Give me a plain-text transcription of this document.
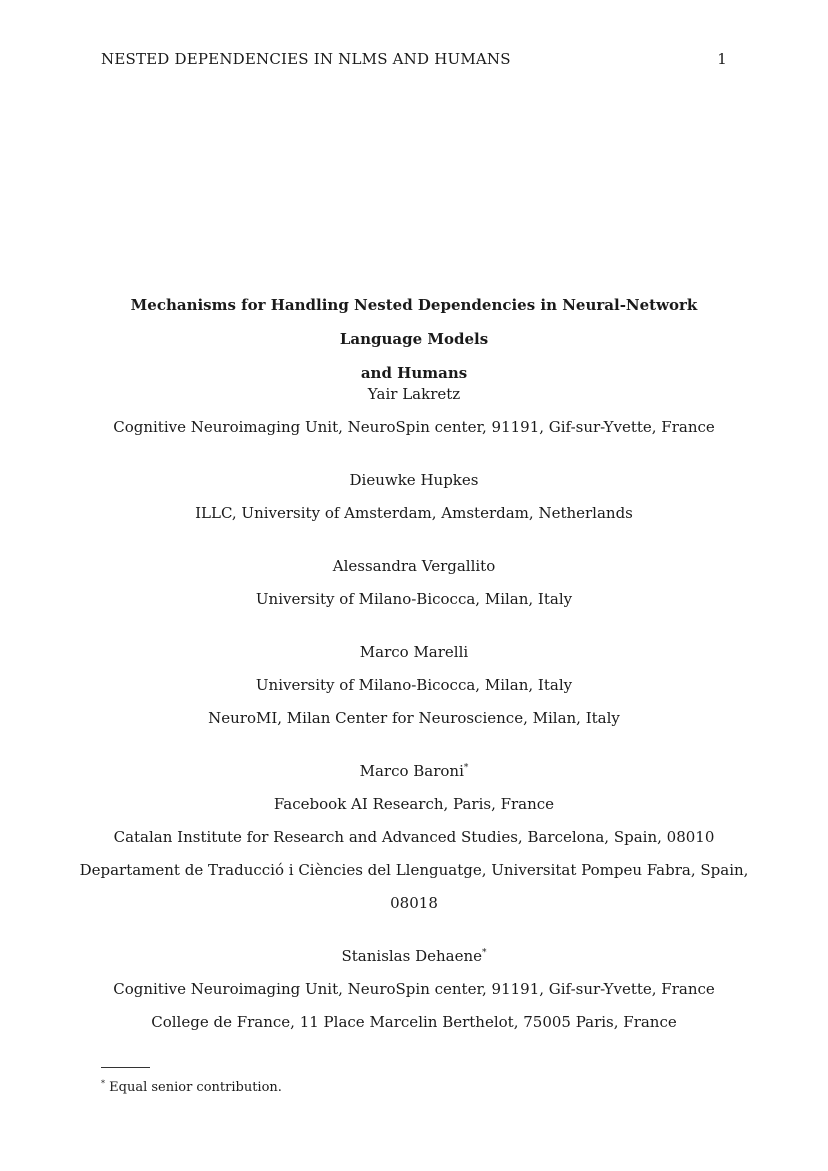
NESTED DEPENDENCIES IN NLMS AND HUMANS	1
Mechanisms for Handling Nested Dependencies in Neural-Network Language Models
and Humans
Yair Lakretz
Cognitive Neuroimaging Unit, NeuroSpin center, 91191, Gif-sur-Yvette, France
Dieuwke Hupkes
ILLC, University of Amsterdam, Amsterdam, Netherlands
Alessandra Vergallito
University of Milano-Bicocca, Milan, Italy
Marco Marelli
University of Milano-Bicocca, Milan, Italy
NeuroMI, Milan Center for Neuroscience, Milan, Italy
Marco Baroni*
Facebook AI Research, Paris, France
Catalan Institute for Research and Advanced Studies, Barcelona, Spain, 08010
Departament de Traducció i Ciències del Llenguatge, Universitat Pompeu Fabra, Spain,
08018
Stanislas Dehaene*
Cognitive Neuroimaging Unit, NeuroSpin center, 91191, Gif-sur-Yvette, France
College de France, 11 Place Marcelin Berthelot, 75005 Paris, France
* Equal senior contribution.
